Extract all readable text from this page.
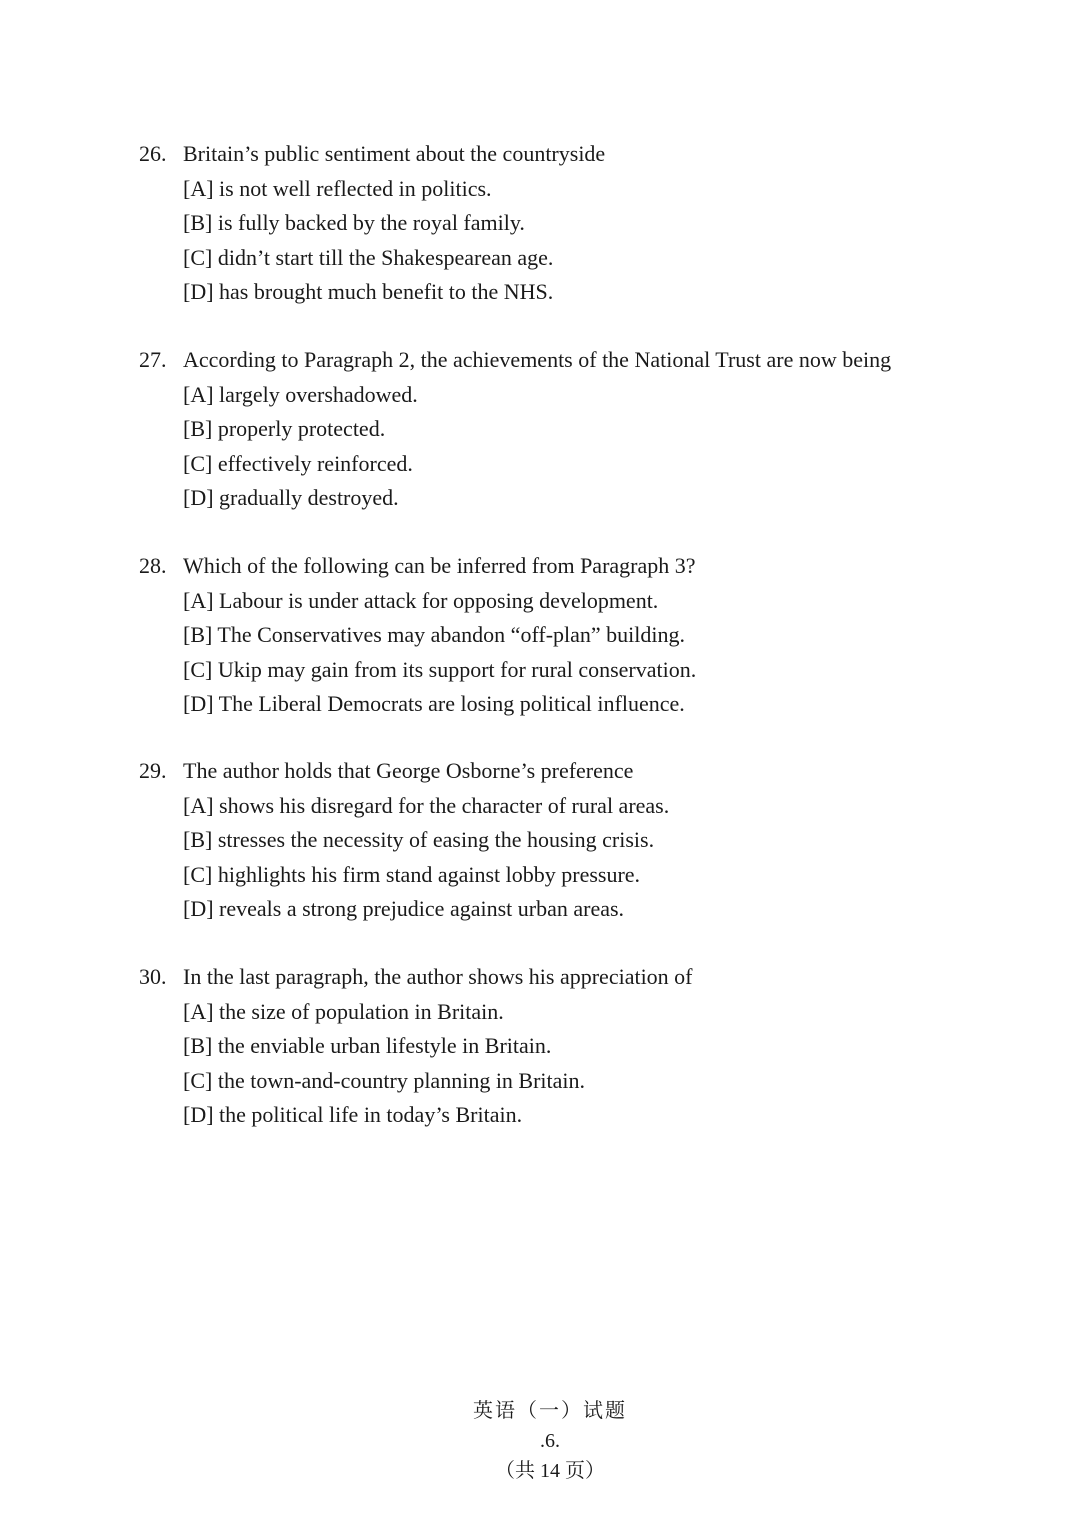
26. Britain’s public sentiment about the countryside
[A] is not well reflected in politics.
[B] is fully backed by the royal family.
[C] didn’t start till the Shakespearean age.
[D] has brought much benefit to the NHS.
27. According to Paragraph 2, the achievements of the National Trust are now being
[A] largely overshadowed.
[B] properly protected.
[C] effectively reinforced.
[D] gradually destroyed.
28. Which of the following can be inferred from Paragraph 3?
[A] Labour is under attack for opposing development.
[B] The Conservatives may abandon “off-plan” building.
[C] Ukip may gain from its support for rural conservation.
[D] The Liberal Democrats are losing political influence.
29. The author holds that George Osborne’s preference
[A] shows his disregard for the character of rural areas.
[B] stresses the necessity of easing the housing crisis.
[C] highlights his firm stand against lobby pressure.
[D] reveals a strong prejudice against urban areas.
30. In the last paragraph, the author shows his appreciation of
[A] the size of population in Britain.
[B] the enviable urban lifestyle in Britain.
[C] the town-and-country planning in Britain.
[D] the political life in today’s Britain.

英语（一）试题
.6.
（共 14 页）
